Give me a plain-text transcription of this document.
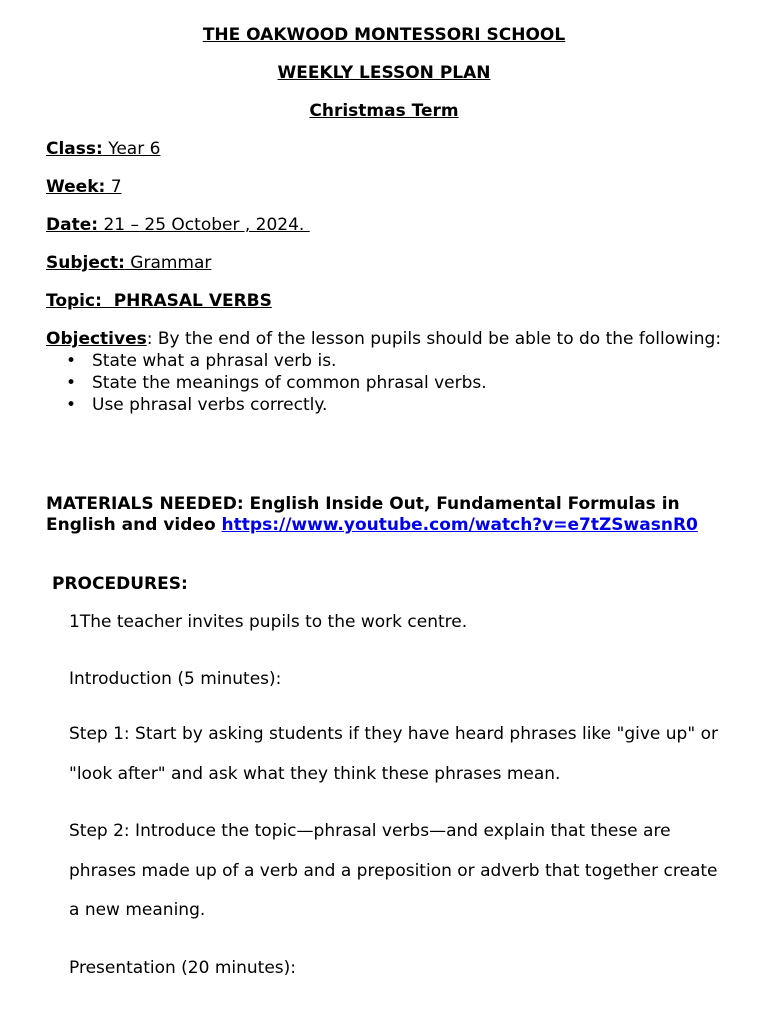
THE OAKWOOD MONTESSORI SCHOOL
WEEKLY LESSON PLAN
Christmas Term
Class: Year 6
Week: 7
Date: 21 – 25 October , 2024.
Subject: Grammar
Topic:  PHRASAL VERBS
Objectives: By the end of the lesson pupils should be able to do the following:
• State what a phrasal verb is.
• State the meanings of common phrasal verbs.
• Use phrasal verbs correctly.
MATERIALS NEEDED: English Inside Out, Fundamental Formulas in English and video https://www.youtube.com/watch?v=e7tZSwasnR0
PROCEDURES:
1The teacher invites pupils to the work centre.
Introduction (5 minutes):
Step 1: Start by asking students if they have heard phrases like "give up" or "look after" and ask what they think these phrases mean.
Step 2: Introduce the topic—phrasal verbs—and explain that these are phrases made up of a verb and a preposition or adverb that together create a new meaning.
Presentation (20 minutes):
